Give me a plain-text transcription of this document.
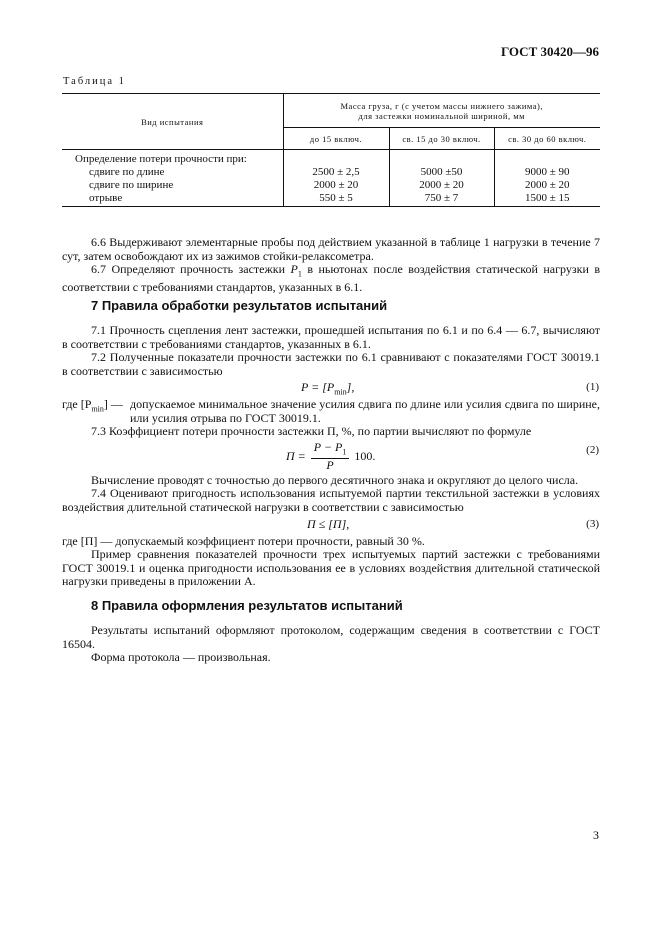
ГОСТ 30420—96
Таблица 1
Вид испытания	Масса груза, г (с учетом массы нижнего зажима),
для застежки номинальной шириной, мм		

	до 15 включ.	св. 15 до 30 включ.	св. 30 до 60 включ.
Определение потери прочности при:			
сдвиге по длине	2500 ± 2,5	5000 ±50	9000 ± 90
сдвиге по ширине	2000 ± 20	2000 ± 20	2000 ± 20
отрыве	550 ± 5	750 ± 7	1500 ± 15
6.6 Выдерживают элементарные пробы под действием указанной в таблице 1 нагрузки в течение 7 сут, затем освобождают их из зажимов стойки-релаксометра.
6.7 Определяют прочность застежки $P_1$ в ньютонах после воздействия статической нагрузки в соответствии с требованиями стандартов, указанных в 6.1.
7 Правила обработки результатов испытаний
7.1 Прочность сцепления лент застежки, прошедшей испытания по 6.1 и по 6.4 — 6.7, вычисляют в соответствии с требованиями стандартов, указанных в 6.1.
7.2 Полученные показатели прочности застежки по 6.1 сравнивают с показателями ГОСТ 30019.1 в соответствии с зависимостью
$P = [P_{min}]$,	(1)
где $[P_{min}]$ — допускаемое минимальное значение усилия сдвига по длине или усилия сдвига по ширине, или усилия отрыва по ГОСТ 30019.1.
7.3 Коэффициент потери прочности застежки П, %, по партии вычисляют по формуле
$П = \frac{P - P_1}{P} 100$.	(2)
Вычисление проводят с точностью до первого десятичного знака и округляют до целого числа.
7.4 Оценивают пригодность использования испытуемой партии текстильной застежки в условиях воздействия длительной статической нагрузки в соответствии с зависимостью
П ≤ [П],	(3)
где [П] — допускаемый коэффициент потери прочности, равный 30 %.
Пример сравнения показателей прочности трех испытуемых партий застежки с требованиями ГОСТ 30019.1 и оценка пригодности использования ее в условиях воздействия длительной статической нагрузки приведены в приложении А.
8 Правила оформления результатов испытаний
Результаты испытаний оформляют протоколом, содержащим сведения в соответствии с ГОСТ 16504.
Форма протокола — произвольная.
3
